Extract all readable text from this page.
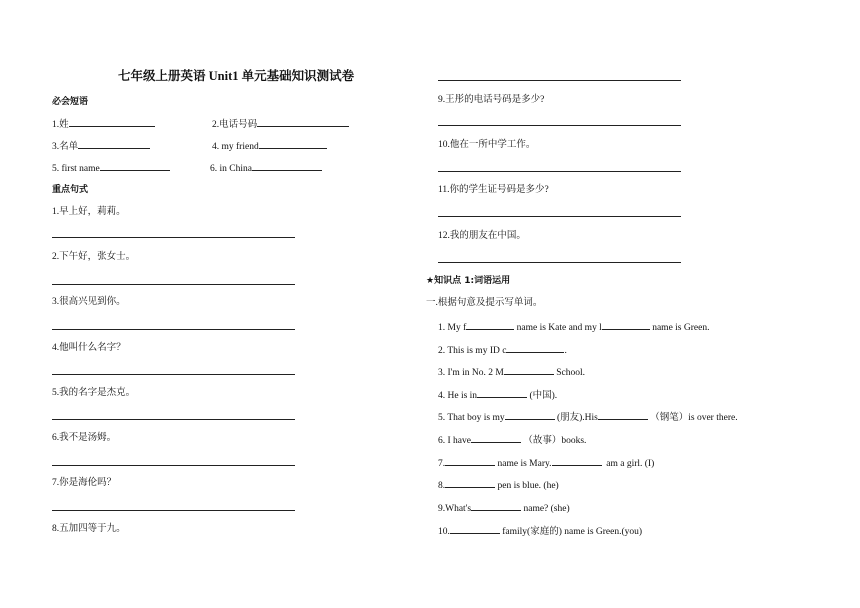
七年级上册英语 Unit1 单元基础知识测试卷
必会短语
1.姓	2.电话号码
3.名单	4. my friend
5. first name	6. in China
重点句式
1.早上好，莉莉。
2.下午好，张女士。
3.很高兴见到你。
4.他叫什么名字？
5.我的名字是杰克。
6.我不是汤姆。
7.你是海伦吗？
8.五加四等于九。
9.王彤的电话号码是多少?
10.他在一所中学工作。
11.你的学生证号码是多少?
12.我的朋友在中国。
★知识点 1:词语运用
一.根据句意及提示写单词。
1. My f	name is Kate and my l	name is Green.
2. This is my ID c	.
3. I'm in No. 2 M	School.
4. He is in	(中国).
5. That boy is my	(朋友).His	（钢笔）is over there.
6. I have	（故事）books.
7.	name is Mary.	am a girl. (I)
8.	pen is blue. (he)
9.What's	name? (she)
10.	family(家庭的) name is Green.(you)
